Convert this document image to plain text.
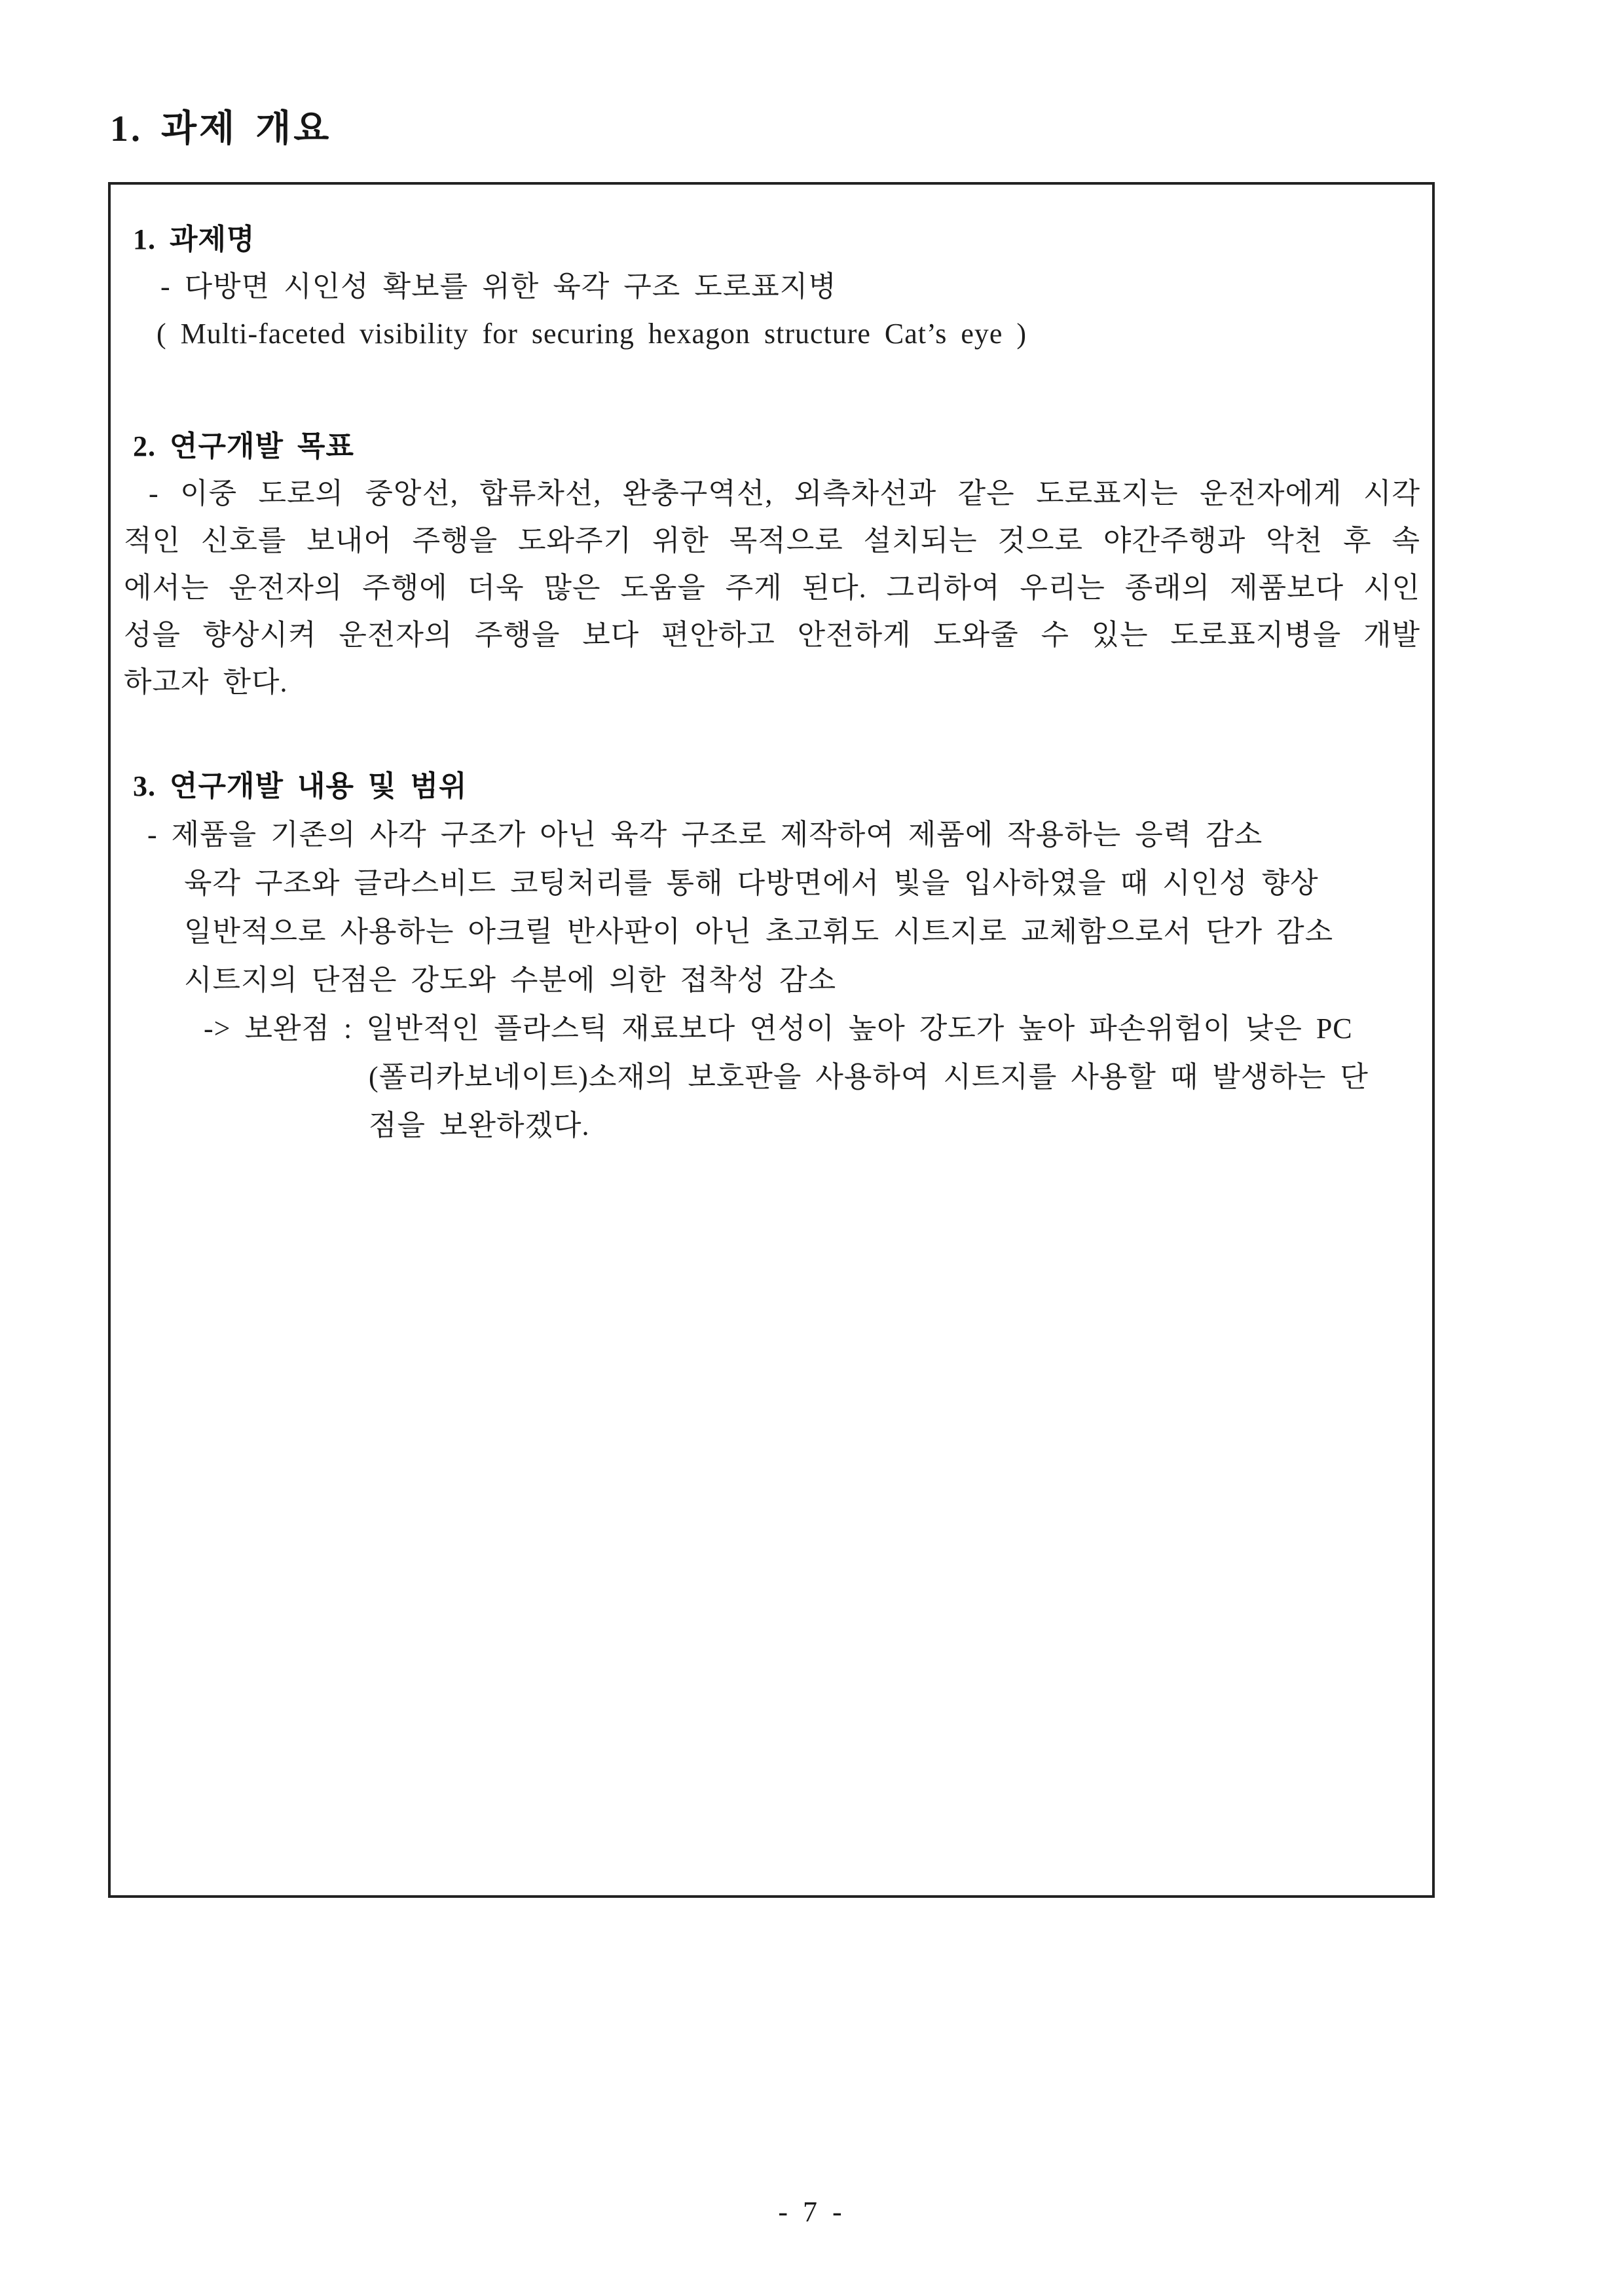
1. 과제 개요
1. 과제명
- 다방면 시인성 확보를 위한 육각 구조 도로표지병
( Multi-faceted visibility for securing hexagon structure Cat’s eye )
2. 연구개발 목표
- 이중 도로의 중앙선, 합류차선, 완충구역선, 외측차선과 같은 도로표지는 운전자에게 시각
적인 신호를 보내어 주행을 도와주기 위한 목적으로 설치되는 것으로 야간주행과 악천 후 속
에서는 운전자의 주행에 더욱 많은 도움을 주게 된다. 그리하여 우리는 종래의 제품보다 시인
성을 향상시켜 운전자의 주행을 보다 편안하고 안전하게 도와줄 수 있는 도로표지병을 개발
하고자 한다.
3. 연구개발 내용 및 범위
- 제품을 기존의 사각 구조가 아닌 육각 구조로 제작하여 제품에 작용하는 응력 감소
육각 구조와 글라스비드 코팅처리를 통해 다방면에서 빛을 입사하였을 때 시인성 향상
일반적으로 사용하는 아크릴 반사판이 아닌 초고휘도 시트지로 교체함으로서 단가 감소
시트지의 단점은 강도와 수분에 의한 접착성 감소
-> 보완점 : 일반적인 플라스틱 재료보다 연성이 높아 강도가 높아 파손위험이 낮은 PC
(폴리카보네이트)소재의 보호판을 사용하여 시트지를 사용할 때 발생하는 단
점을 보완하겠다.
- 7 -
